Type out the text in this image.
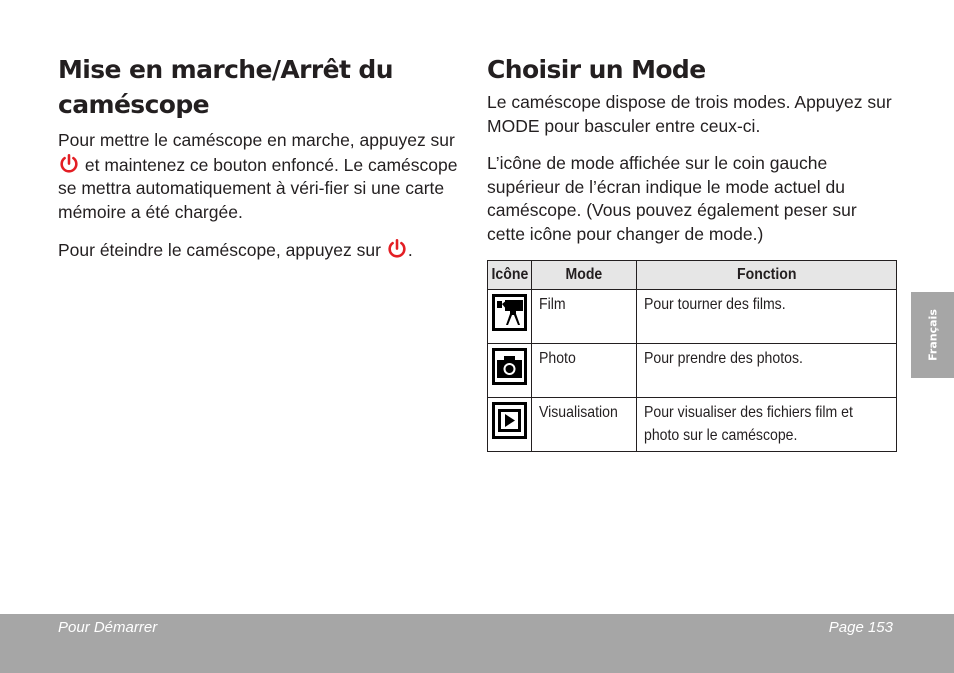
Mise en marche/Arrêt du caméscope

Pour mettre le caméscope en marche, appuyez sur  et maintenez ce bouton enfoncé. Le caméscope se mettra automatiquement à véri-fier si une carte mémoire a été chargée.

Pour éteindre le caméscope, appuyez sur .

Choisir un Mode

Le caméscope dispose de trois modes. Appuyez sur MODE pour basculer entre ceux-ci.

L’icône de mode affichée sur le coin gauche supérieur de l’écran indique le mode actuel du caméscope. (Vous pouvez également peser sur cette icône pour changer de mode.)

Icône	Mode	Fonction
	Film	Pour tourner des films.
	Photo	Pour prendre des photos.
	Visualisation	Pour visualiser des fichiers film et photo sur le caméscope.
Français
Pour Démarrer	Page 153
